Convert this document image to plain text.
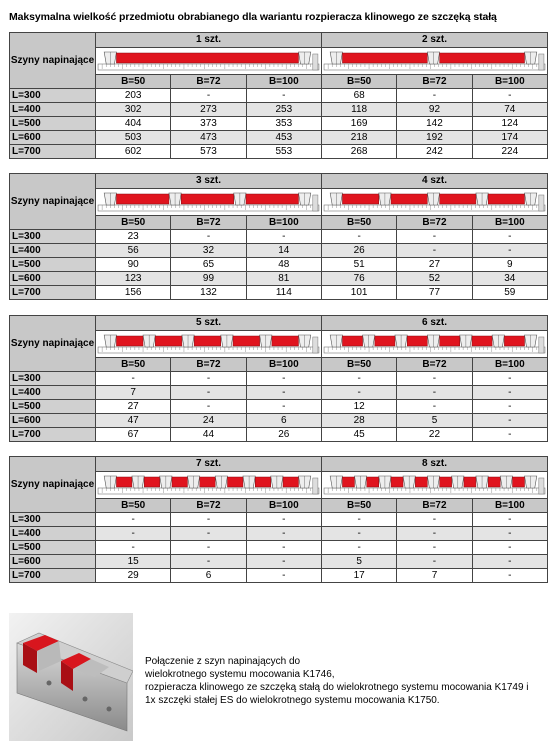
Maksymalna wielkość przedmiotu obrabianego dla wariantu rozpieracza klinowego ze szczęką stałą
Szyny napinające	1 szt.			2 szt.		

	B=50	B=72	B=100	B=50	B=72	B=100
L=300	203	-	-	68	-	-
L=400	302	273	253	118	92	74
L=500	404	373	353	169	142	124
L=600	503	473	453	218	192	174
L=700	602	573	553	268	242	224
Szyny napinające	3 szt.			4 szt.		

	B=50	B=72	B=100	B=50	B=72	B=100
L=300	23	-	-	-	-	-
L=400	56	32	14	26	-	-
L=500	90	65	48	51	27	9
L=600	123	99	81	76	52	34
L=700	156	132	114	101	77	59
Szyny napinające	5 szt.			6 szt.		

	B=50	B=72	B=100	B=50	B=72	B=100
L=300	-	-	-	-	-	-
L=400	7	-	-	-	-	-
L=500	27	-	-	12	-	-
L=600	47	24	6	28	5	-
L=700	67	44	26	45	22	-
Szyny napinające	7 szt.			8 szt.		

	B=50	B=72	B=100	B=50	B=72	B=100
L=300	-	-	-	-	-	-
L=400	-	-	-	-	-	-
L=500	-	-	-	-	-	-
L=600	15	-	-	5	-	-
L=700	29	6	-	17	7	-
Połączenie z szyn napinających do
wielokrotnego systemu mocowania K1746,
rozpieracza klinowego ze szczęką stałą do wielokrotnego systemu mocowania K1749 i
1x szczęki stałej ES do wielokrotnego systemu mocowania K1750.
